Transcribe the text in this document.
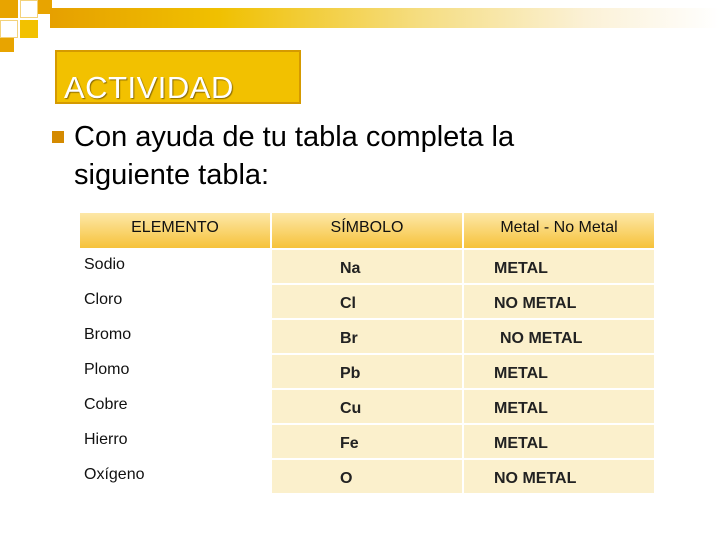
ACTIVIDAD
Con ayuda de tu tabla completa la siguiente tabla:
ELEMENTO	SÍMBOLO	Metal - No Metal
Sodio	Na	METAL
Cloro	Cl	NO METAL
Bromo	Br	NO METAL
Plomo	Pb	METAL
Cobre	Cu	METAL
Hierro	Fe	METAL
Oxígeno	O	NO METAL
